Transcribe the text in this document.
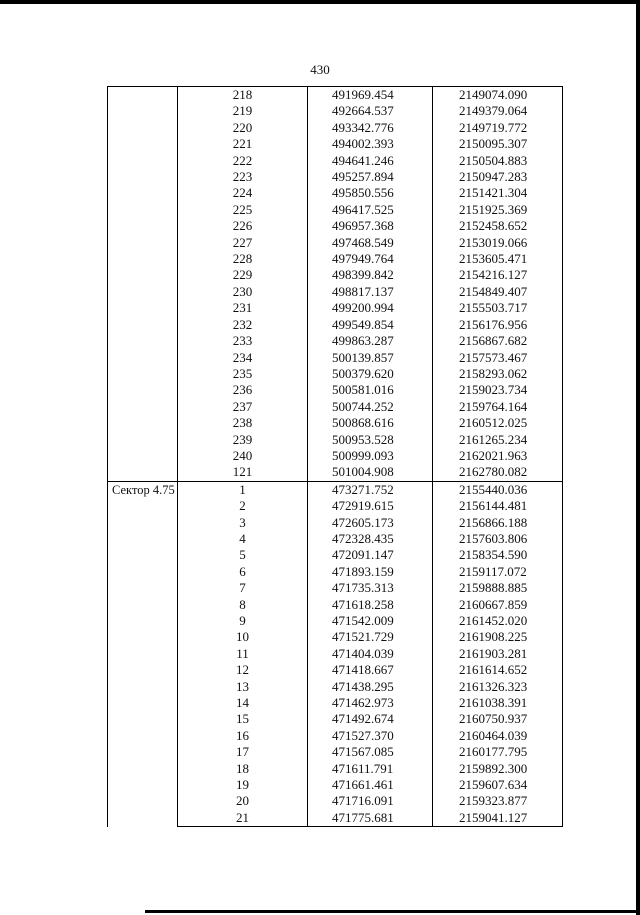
430
	218	491969.454	2149074.090
	219	492664.537	2149379.064
	220	493342.776	2149719.772
	221	494002.393	2150095.307
	222	494641.246	2150504.883
	223	495257.894	2150947.283
	224	495850.556	2151421.304
	225	496417.525	2151925.369
	226	496957.368	2152458.652
	227	497468.549	2153019.066
	228	497949.764	2153605.471
	229	498399.842	2154216.127
	230	498817.137	2154849.407
	231	499200.994	2155503.717
	232	499549.854	2156176.956
	233	499863.287	2156867.682
	234	500139.857	2157573.467
	235	500379.620	2158293.062
	236	500581.016	2159023.734
	237	500744.252	2159764.164
	238	500868.616	2160512.025
	239	500953.528	2161265.234
	240	500999.093	2162021.963
	121	501004.908	2162780.082
Сектор 4.75	1	473271.752	2155440.036
	2	472919.615	2156144.481
	3	472605.173	2156866.188
	4	472328.435	2157603.806
	5	472091.147	2158354.590
	6	471893.159	2159117.072
	7	471735.313	2159888.885
	8	471618.258	2160667.859
	9	471542.009	2161452.020
	10	471521.729	2161908.225
	11	471404.039	2161903.281
	12	471418.667	2161614.652
	13	471438.295	2161326.323
	14	471462.973	2161038.391
	15	471492.674	2160750.937
	16	471527.370	2160464.039
	17	471567.085	2160177.795
	18	471611.791	2159892.300
	19	471661.461	2159607.634
	20	471716.091	2159323.877
	21	471775.681	2159041.127
